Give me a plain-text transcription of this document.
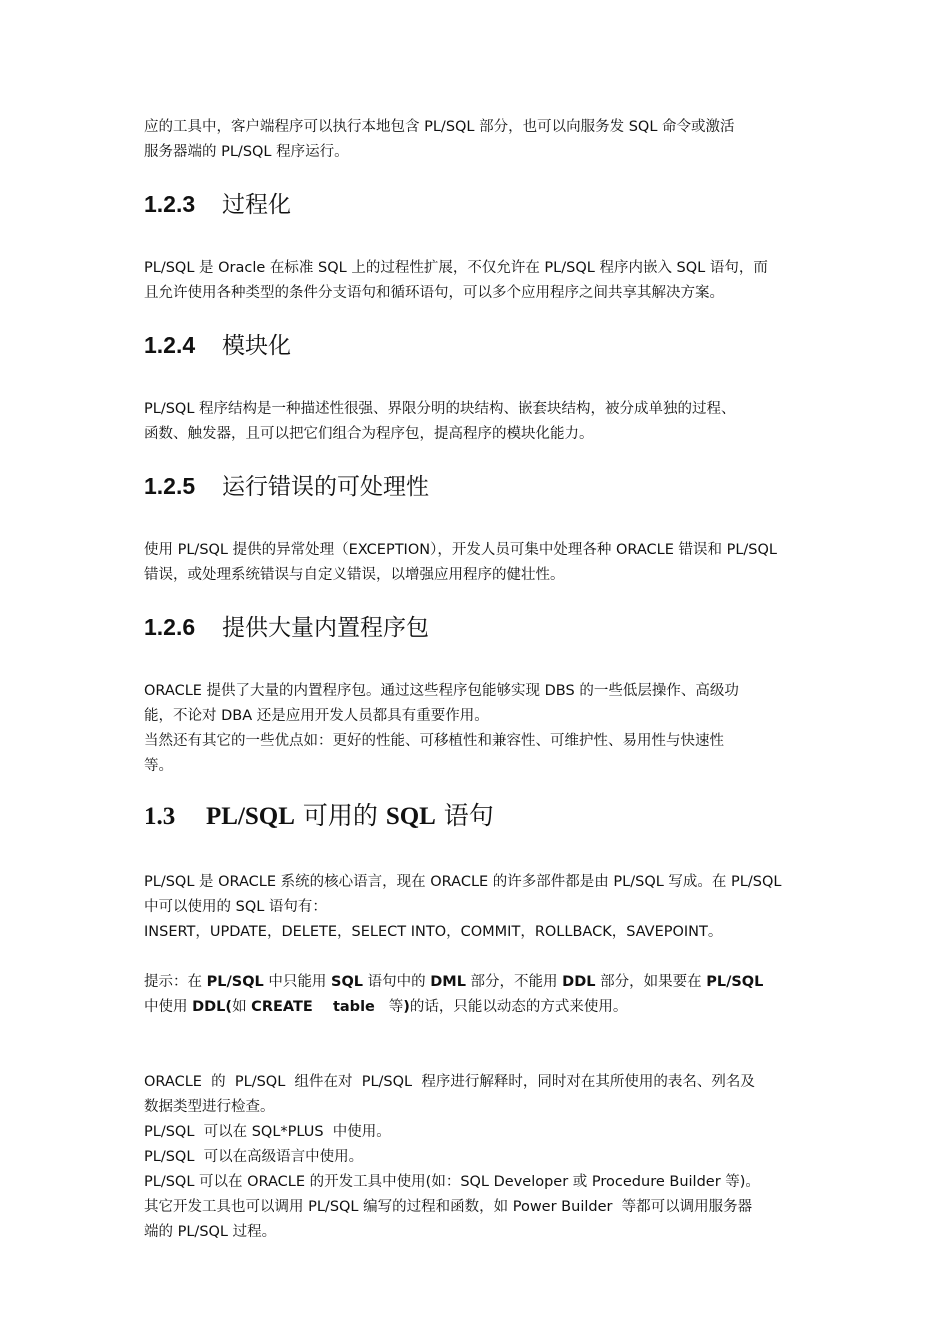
应的工具中，客户端程序可以执行本地包含 PL/SQL 部分，也可以向服务发 SQL 命令或激活
服务器端的 PL/SQL 程序运行。

1.2.3 过程化

PL/SQL 是 Oracle 在标准 SQL 上的过程性扩展，不仅允许在 PL/SQL 程序内嵌入 SQL 语句，而
且允许使用各种类型的条件分支语句和循环语句，可以多个应用程序之间共享其解决方案。

1.2.4 模块化

PL/SQL 程序结构是一种描述性很强、界限分明的块结构、嵌套块结构，被分成单独的过程、
函数、触发器，且可以把它们组合为程序包，提高程序的模块化能力。

1.2.5 运行错误的可处理性

使用 PL/SQL 提供的异常处理（EXCEPTION），开发人员可集中处理各种 ORACLE 错误和 PL/SQL
错误，或处理系统错误与自定义错误，以增强应用程序的健壮性。

1.2.6 提供大量内置程序包

ORACLE 提供了大量的内置程序包。通过这些程序包能够实现 DBS 的一些低层操作、高级功
能，不论对 DBA 还是应用开发人员都具有重要作用。
当然还有其它的一些优点如：更好的性能、可移植性和兼容性、可维护性、易用性与快速性
等。

1.3 PL/SQL 可用的 SQL 语句

PL/SQL 是 ORACLE 系统的核心语言，现在 ORACLE 的许多部件都是由 PL/SQL 写成。在 PL/SQL
中可以使用的 SQL 语句有：
INSERT，UPDATE，DELETE，SELECT INTO，COMMIT，ROLLBACK，SAVEPOINT。

提示：在 PL/SQL 中只能用 SQL 语句中的 DML 部分，不能用 DDL 部分，如果要在 PL/SQL
中使用 DDL(如 CREATE    table   等)的话，只能以动态的方式来使用。

ORACLE  的  PL/SQL  组件在对  PL/SQL  程序进行解释时，同时对在其所使用的表名、列名及
数据类型进行检查。
PL/SQL  可以在 SQL*PLUS  中使用。
PL/SQL  可以在高级语言中使用。
PL/SQL 可以在 ORACLE 的开发工具中使用(如：SQL Developer 或 Procedure Builder 等)。
其它开发工具也可以调用 PL/SQL 编写的过程和函数，如 Power Builder  等都可以调用服务器
端的 PL/SQL 过程。
